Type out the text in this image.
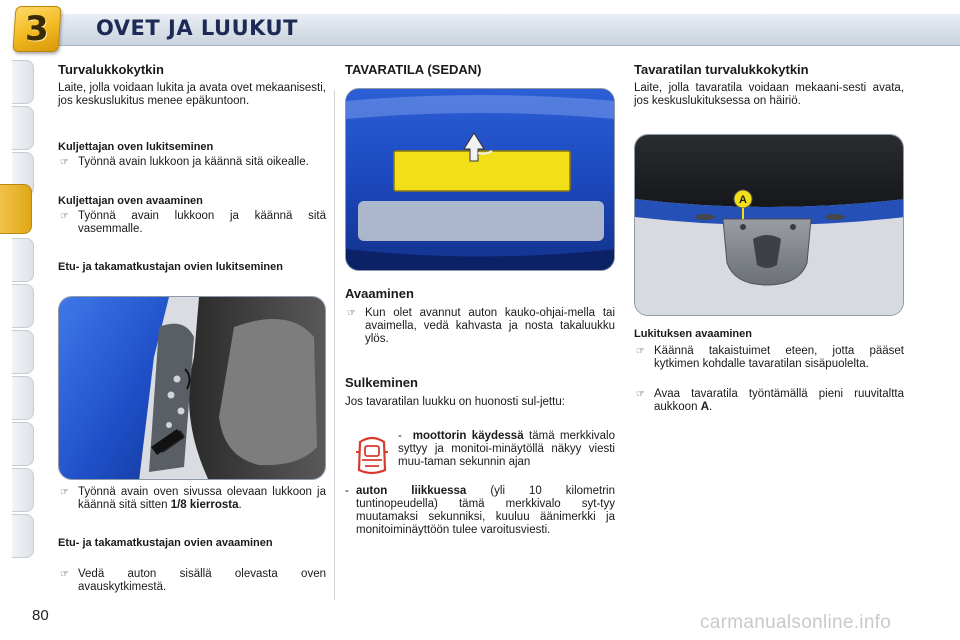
3 OVET JA LUUKUT
Turvalukkokytkin
Laite, jolla voidaan lukita ja avata ovet mekaanisesti, jos keskuslukitus menee epäkuntoon.
Kuljettajan oven lukitseminen
☞ Työnnä avain lukkoon ja käännä sitä oikealle.
Kuljettajan oven avaaminen
☞ Työnnä avain lukkoon ja käännä sitä vasemmalle.
Etu- ja takamatkustajan ovien lukitseminen
☞ Työnnä avain oven sivussa olevaan lukkoon ja käännä sitä sitten 1/8 kierrosta.
Etu- ja takamatkustajan ovien avaaminen
☞ Vedä auton sisällä olevasta oven avauskytkimestä.
TAVARATILA (SEDAN)
Avaaminen
☞ Kun olet avannut auton kauko-ohjai-mella tai avaimella, vedä kahvasta ja nosta takaluukku ylös.
Sulkeminen
Jos tavaratilan luukku on huonosti sul-jettu:
- moottorin käydessä tämä merkkivalo syttyy ja monitoi-minäytöllä näkyy viesti muu-taman sekunnin ajan
- auton liikkuessa (yli 10 kilometrin tuntinopeudella) tämä merkkivalo syt-tyy muutamaksi sekunniksi, kuuluu äänimerkki ja monitoiminäyttöön tulee varoitusviesti.
Tavaratilan turvalukkokytkin
Laite, jolla tavaratila voidaan mekaani-sesti avata, jos keskuslukituksessa on häiriö.
A
Lukituksen avaaminen
☞ Käännä takaistuimet eteen, jotta pääset kytkimen kohdalle tavaratilan sisäpuolelta.
☞ Avaa tavaratila työntämällä pieni ruuvitaltta aukkoon A.
80	carmanualsonline.info
